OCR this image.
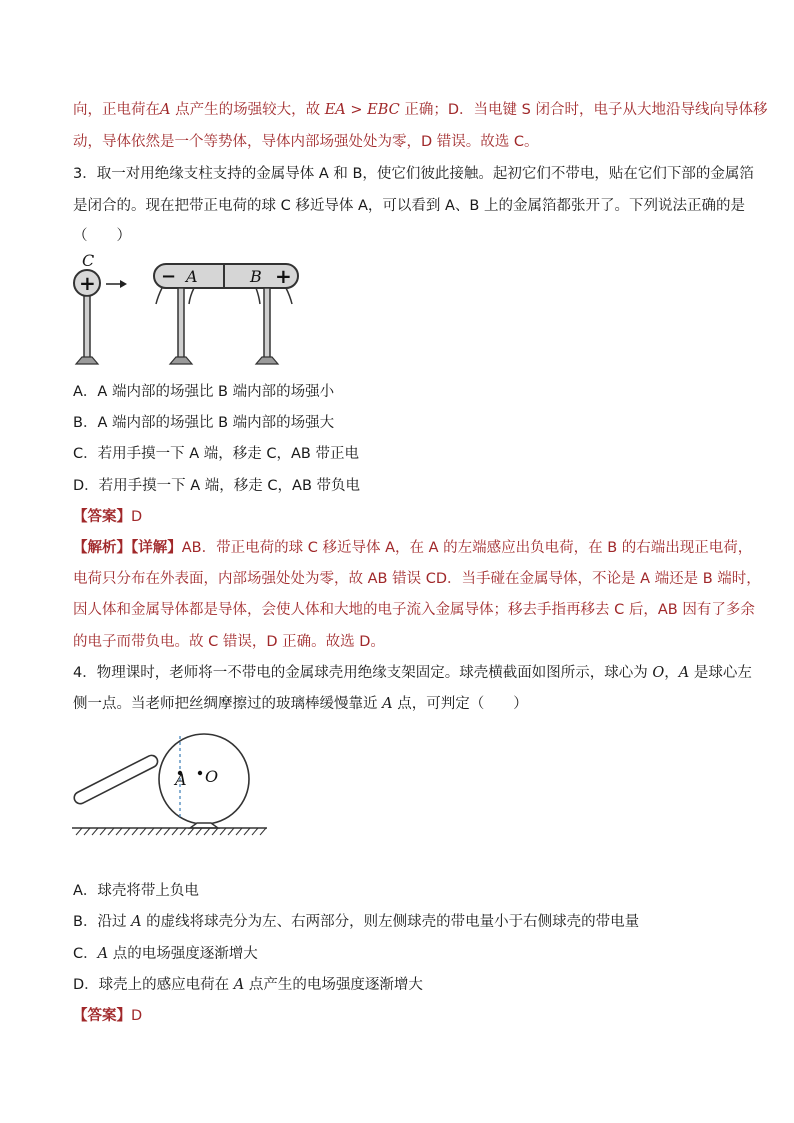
向，正电荷在A 点产生的场强较大，故 EA > EBC 正确；D．当电键 S 闭合时，电子从大地沿导线向导体移
动，导体依然是一个等势体，导体内部场强处处为零，D 错误。故选 C。
3．取一对用绝缘支柱支持的金属导体 A 和 B，使它们彼此接触。起初它们不带电，贴在它们下部的金属箔
是闭合的。现在把带正电荷的球 C 移近导体 A，可以看到 A、B 上的金属箔都张开了。下列说法正确的是
（　　）
C
+	− A	B +
A．A 端内部的场强比 B 端内部的场强小
B．A 端内部的场强比 B 端内部的场强大
C．若用手摸一下 A 端，移走 C，AB 带正电
D．若用手摸一下 A 端，移走 C，AB 带负电
【答案】D
【解析】【详解】AB．带正电荷的球 C 移近导体 A，在 A 的左端感应出负电荷，在 B 的右端出现正电荷，
电荷只分布在外表面，内部场强处处为零，故 AB 错误 CD．当手碰在金属导体，不论是 A 端还是 B 端时，
因人体和金属导体都是导体，会使人体和大地的电子流入金属导体；移去手指再移去 C 后，AB 因有了多余
的电子而带负电。故 C 错误，D 正确。故选 D。
4．物理课时，老师将一不带电的金属球壳用绝缘支架固定。球壳横截面如图所示，球心为 O，A 是球心左
侧一点。当老师把丝绸摩擦过的玻璃棒缓慢靠近 A 点，可判定（　　）
A O
A．球壳将带上负电
B．沿过 A 的虚线将球壳分为左、右两部分，则左侧球壳的带电量小于右侧球壳的带电量
C．A 点的电场强度逐渐增大
D．球壳上的感应电荷在 A 点产生的电场强度逐渐增大
【答案】D
